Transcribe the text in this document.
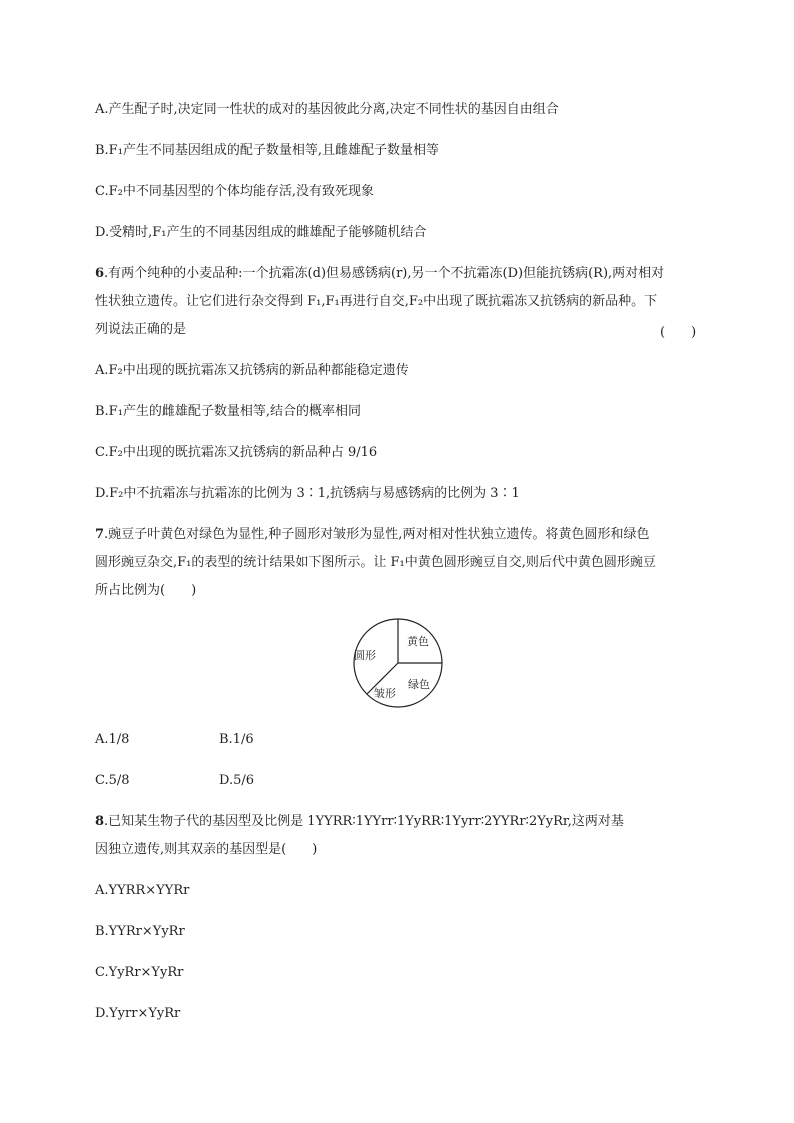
A.产生配子时,决定同一性状的成对的基因彼此分离,决定不同性状的基因自由组合
B.F₁产生不同基因组成的配子数量相等,且雌雄配子数量相等
C.F₂中不同基因型的个体均能存活,没有致死现象
D.受精时,F₁产生的不同基因组成的雌雄配子能够随机结合
6.有两个纯种的小麦品种:一个抗霜冻(d)但易感锈病(r),另一个不抗霜冻(D)但能抗锈病(R),两对相对
性状独立遗传。让它们进行杂交得到 F₁,F₁再进行自交,F₂中出现了既抗霜冻又抗锈病的新品种。下
列说法正确的是	(　　)
A.F₂中出现的既抗霜冻又抗锈病的新品种都能稳定遗传
B.F₁产生的雌雄配子数量相等,结合的概率相同
C.F₂中出现的既抗霜冻又抗锈病的新品种占 9/16
D.F₂中不抗霜冻与抗霜冻的比例为 3∶1,抗锈病与易感锈病的比例为 3∶1
7.豌豆子叶黄色对绿色为显性,种子圆形对皱形为显性,两对相对性状独立遗传。将黄色圆形和绿色
圆形豌豆杂交,F₁的表型的统计结果如下图所示。让 F₁中黄色圆形豌豆自交,则后代中黄色圆形豌豆
所占比例为(　　)
圆形
黄色
绿色
皱形
A.1/8	B.1/6
C.5/8	D.5/6
8.已知某生物子代的基因型及比例是 1YYRR∶1YYrr∶1YyRR∶1Yyrr∶2YYRr∶2YyRr,这两对基
因独立遗传,则其双亲的基因型是(　　)
A.YYRR×YYRr
B.YYRr×YyRr
C.YyRr×YyRr
D.Yyrr×YyRr
